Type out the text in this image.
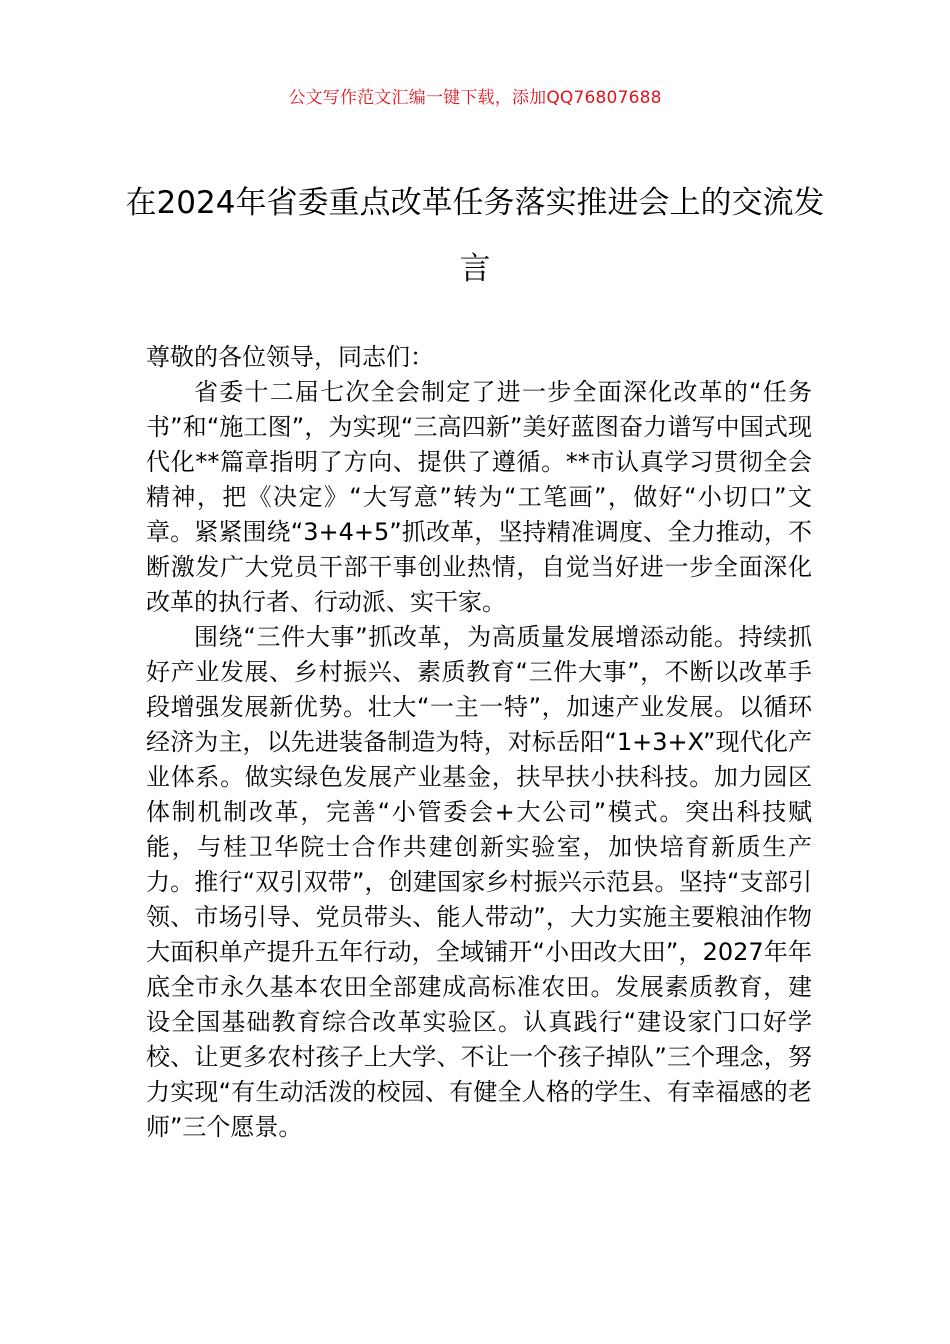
公文写作范文汇编一键下载，添加QQ76807688
在2024年省委重点改革任务落实推进会上的交流发言

尊敬的各位领导，同志们：

省委十二届七次全会制定了进一步全面深化改革的“任务书”和“施工图”，为实现“三高四新”美好蓝图奋力谱写中国式现代化**篇章指明了方向、提供了遵循。**市认真学习贯彻全会精神，把《决定》“大写意”转为“工笔画”，做好“小切口”文章。紧紧围绕“3+4+5”抓改革，坚持精准调度、全力推动，不断激发广大党员干部干事创业热情，自觉当好进一步全面深化改革的执行者、行动派、实干家。

围绕“三件大事”抓改革，为高质量发展增添动能。持续抓好产业发展、乡村振兴、素质教育“三件大事”，不断以改革手段增强发展新优势。壮大“一主一特”，加速产业发展。以循环经济为主，以先进装备制造为特，对标岳阳“1+3+X”现代化产业体系。做实绿色发展产业基金，扶早扶小扶科技。加力园区体制机制改革，完善“小管委会+大公司”模式。突出科技赋能，与桂卫华院士合作共建创新实验室，加快培育新质生产力。推行“双引双带”，创建国家乡村振兴示范县。坚持“支部引领、市场引导、党员带头、能人带动”，大力实施主要粮油作物大面积单产提升五年行动，全域铺开“小田改大田”，2027年年底全市永久基本农田全部建成高标准农田。发展素质教育，建设全国基础教育综合改革实验区。认真践行“建设家门口好学校、让更多农村孩子上大学、不让一个孩子掉队”三个理念，努力实现“有生动活泼的校园、有健全人格的学生、有幸福感的老师”三个愿景。
